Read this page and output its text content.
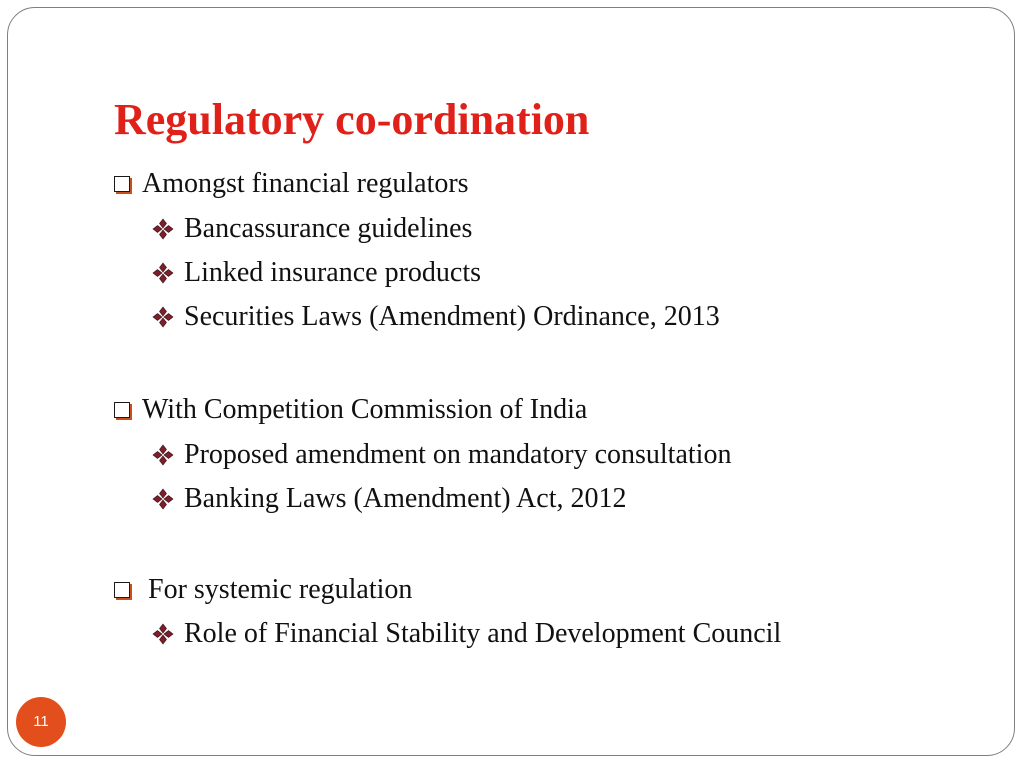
Regulatory co-ordination
Amongst financial regulators
Bancassurance guidelines
Linked insurance products
Securities Laws (Amendment) Ordinance, 2013
With Competition Commission of India
Proposed amendment on mandatory consultation
Banking Laws (Amendment) Act, 2012
For systemic regulation
Role of Financial Stability and Development Council
11
